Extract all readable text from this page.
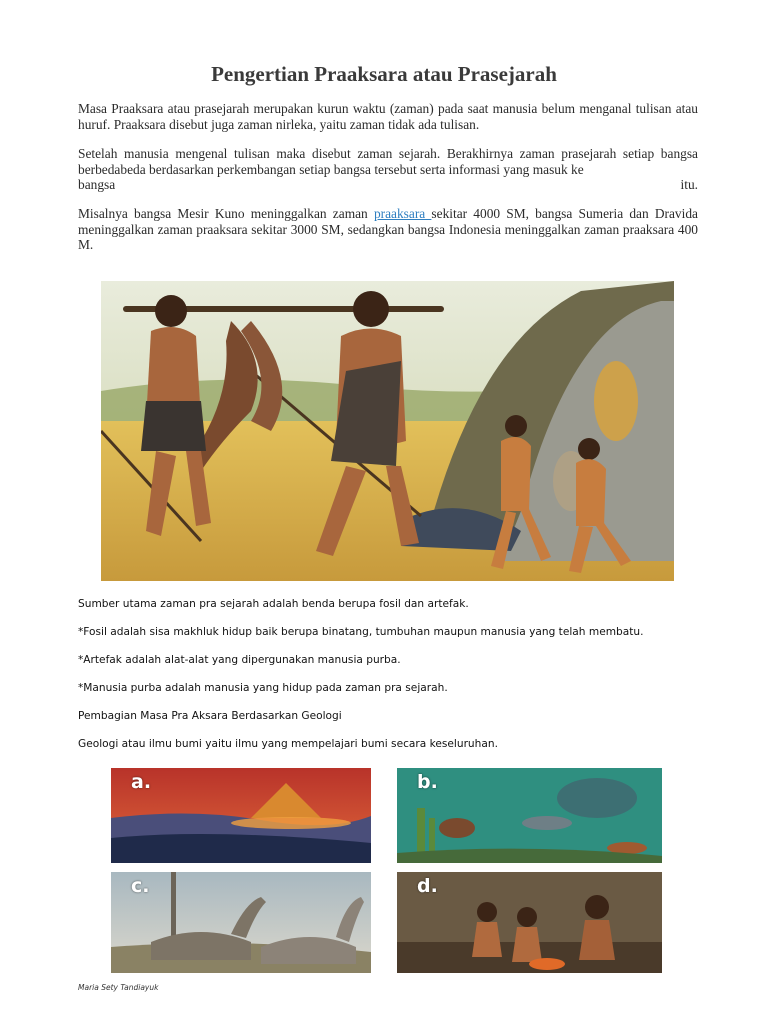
Pengertian Praaksara atau Prasejarah

Masa Praaksara atau prasejarah merupakan kurun waktu (zaman) pada saat manusia belum menganal tulisan atau huruf. Praaksara disebut juga zaman nirleka, yaitu zaman tidak ada tulisan.

Setelah manusia mengenal tulisan maka disebut zaman sejarah. Berakhirnya zaman prasejarah setiap bangsa berbedabeda berdasarkan perkembangan setiap bangsa tersebut serta informasi yang masuk ke
bangsa	itu.

Misalnya bangsa Mesir Kuno meninggalkan zaman praaksara sekitar 4000 SM, bangsa Sumeria dan Dravida meninggalkan zaman praaksara sekitar 3000 SM, sedangkan bangsa Indonesia meninggalkan zaman praaksara 400 M.

Sumber utama zaman pra sejarah adalah benda berupa fosil dan artefak.

*Fosil adalah sisa makhluk hidup baik berupa binatang, tumbuhan maupun manusia yang telah membatu.

*Artefak adalah alat-alat yang dipergunakan manusia purba.

*Manusia purba adalah manusia yang hidup pada zaman pra sejarah.

Pembagian Masa Pra Aksara Berdasarkan Geologi

Geologi atau ilmu bumi yaitu ilmu yang mempelajari bumi secara keseluruhan.

a.	b.
c.	d.
Maria Sety Tandiayuk
